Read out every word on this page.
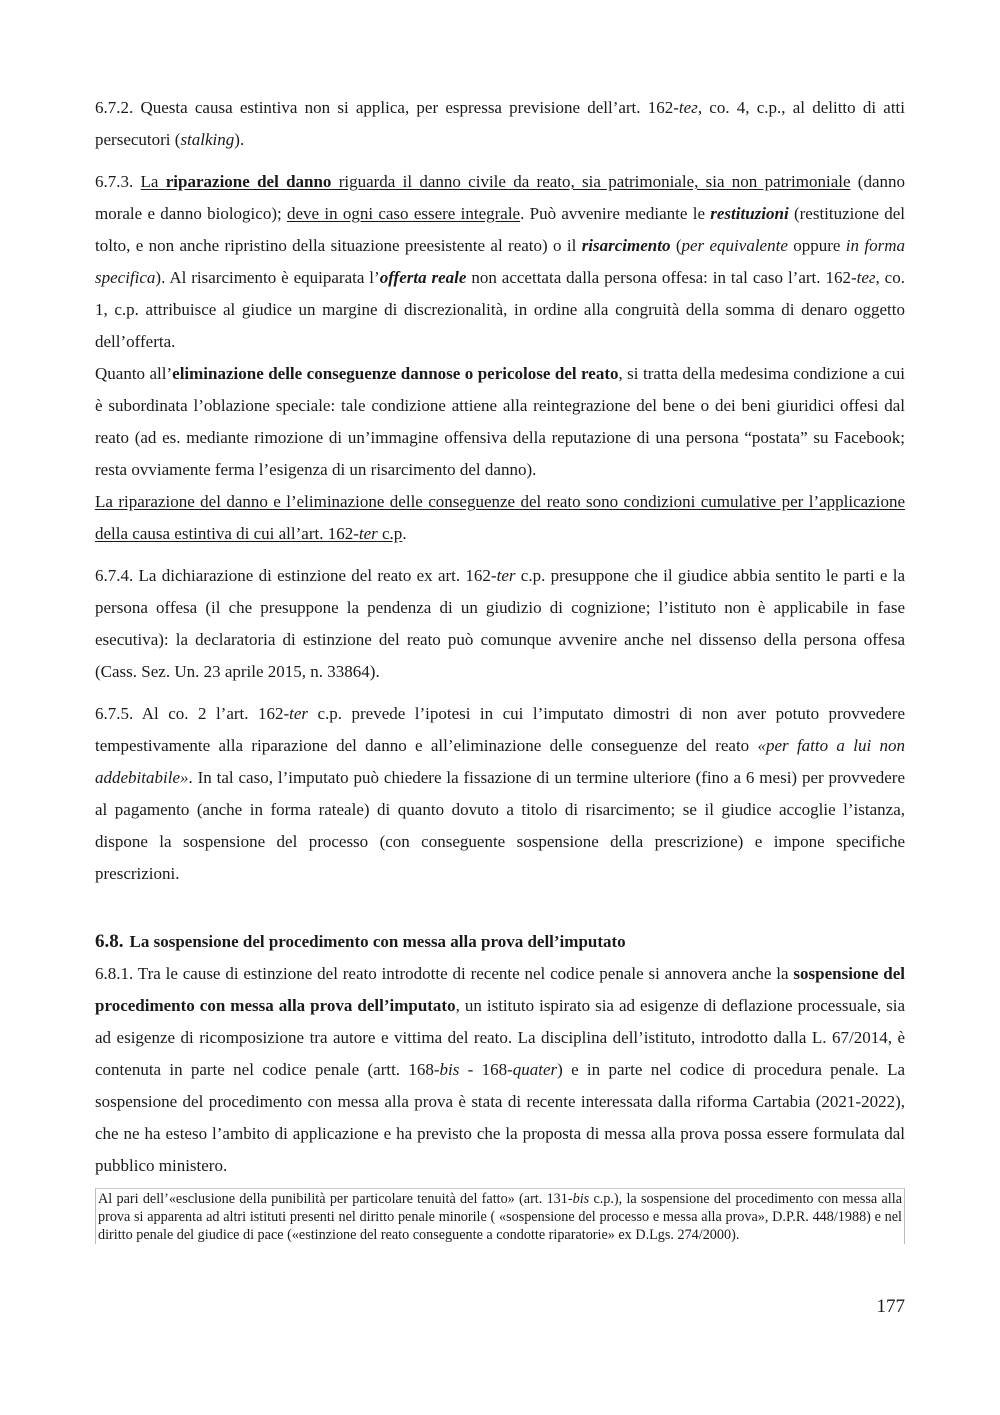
6.7.2. Questa causa estintiva non si applica, per espressa previsione dell’art. 162-teг, co. 4, c.p., al delitto di atti persecutori (stalking).

6.7.3. La riparazione del danno riguarda il danno civile da reato, sia patrimoniale, sia non patrimoniale (danno morale e danno biologico); deve in ogni caso essere integrale. Può avvenire mediante le restituzioni (restituzione del tolto, e non anche ripristino della situazione preesistente al reato) o il risarcimento (per equivalente oppure in forma specifica). Al risarcimento è equiparata l’offerta reale non accettata dalla persona offesa: in tal caso l’art. 162-teг, co. 1, c.p. attribuisce al giudice un margine di discrezionalità, in ordine alla congruità della somma di denaro oggetto dell’offerta.

Quanto all’eliminazione delle conseguenze dannose o pericolose del reato, si tratta della medesima condizione a cui è subordinata l’oblazione speciale: tale condizione attiene alla reintegrazione del bene o dei beni giuridici offesi dal reato (ad es. mediante rimozione di un’immagine offensiva della reputazione di una persona “postata” su Facebook; resta ovviamente ferma l’esigenza di un risarcimento del danno).

La riparazione del danno e l’eliminazione delle conseguenze del reato sono condizioni cumulative per l’applicazione della causa estintiva di cui all’art. 162-ter c.p.

6.7.4. La dichiarazione di estinzione del reato ex art. 162-ter c.p. presuppone che il giudice abbia sentito le parti e la persona offesa (il che presuppone la pendenza di un giudizio di cognizione; l’istituto non è applicabile in fase esecutiva): la declaratoria di estinzione del reato può comunque avvenire anche nel dissenso della persona offesa (Cass. Sez. Un. 23 aprile 2015, n. 33864).

6.7.5. Al co. 2 l’art. 162-ter c.p. prevede l’ipotesi in cui l’imputato dimostri di non aver potuto provvedere tempestivamente alla riparazione del danno e all’eliminazione delle conseguenze del reato «per fatto a lui non addebitabile». In tal caso, l’imputato può chiedere la fissazione di un termine ulteriore (fino a 6 mesi) per provvedere al pagamento (anche in forma rateale) di quanto dovuto a titolo di risarcimento; se il giudice accoglie l’istanza, dispone la sospensione del processo (con conseguente sospensione della prescrizione) e impone specifiche prescrizioni.

6.8. La sospensione del procedimento con messa alla prova dell’imputato

6.8.1. Tra le cause di estinzione del reato introdotte di recente nel codice penale si annovera anche la sospensione del procedimento con messa alla prova dell’imputato, un istituto ispirato sia ad esigenze di deflazione processuale, sia ad esigenze di ricomposizione tra autore e vittima del reato. La disciplina dell’istituto, introdotto dalla L. 67/2014, è contenuta in parte nel codice penale (artt. 168-bis - 168-quater) e in parte nel codice di procedura penale. La sospensione del procedimento con messa alla prova è stata di recente interessata dalla riforma Cartabia (2021-2022), che ne ha esteso l’ambito di applicazione e ha previsto che la proposta di messa alla prova possa essere formulata dal pubblico ministero.

Al pari dell’«esclusione della punibilità per particolare tenuità del fatto» (art. 131-bis c.p.), la sospensione del procedimento con messa alla prova si apparenta ad altri istituti presenti nel diritto penale minorile ( «sospensione del processo e messa alla prova», D.P.R. 448/1988) e nel diritto penale del giudice di pace («estinzione del reato conseguente a condotte riparatorie» ex D.Lgs. 274/2000).
177
